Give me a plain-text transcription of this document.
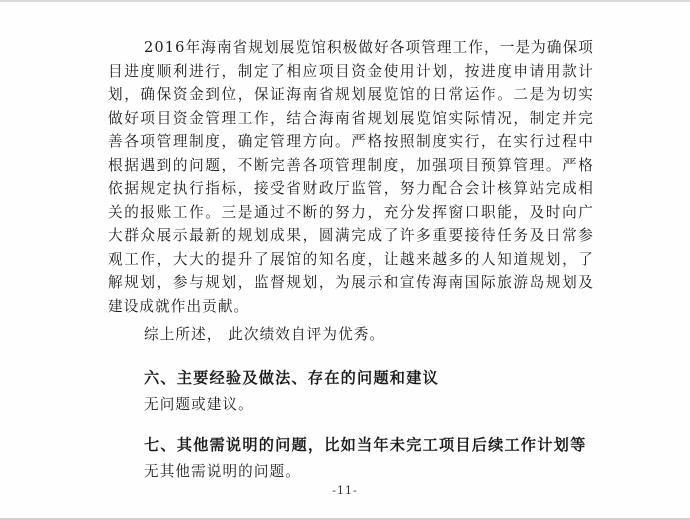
2016年海南省规划展览馆积极做好各项管理工作，一是为确保项目进度顺利进行，制定了相应项目资金使用计划，按进度申请用款计划，确保资金到位，保证海南省规划展览馆的日常运作。二是为切实做好项目资金管理工作，结合海南省规划展览馆实际情况，制定并完善各项管理制度，确定管理方向。严格按照制度实行，在实行过程中根据遇到的问题，不断完善各项管理制度，加强项目预算管理。严格依据规定执行指标，接受省财政厅监管，努力配合会计核算站完成相关的报账工作。三是通过不断的努力，充分发挥窗口职能，及时向广大群众展示最新的规划成果，圆满完成了许多重要接待任务及日常参观工作，大大的提升了展馆的知名度，让越来越多的人知道规划，了解规划，参与规划，监督规划，为展示和宣传海南国际旅游岛规划及建设成就作出贡献。

综上所述， 此次绩效自评为优秀。

六、主要经验及做法、存在的问题和建议

无问题或建议。

七、其他需说明的问题，比如当年未完工项目后续工作计划等

无其他需说明的问题。

-11-
